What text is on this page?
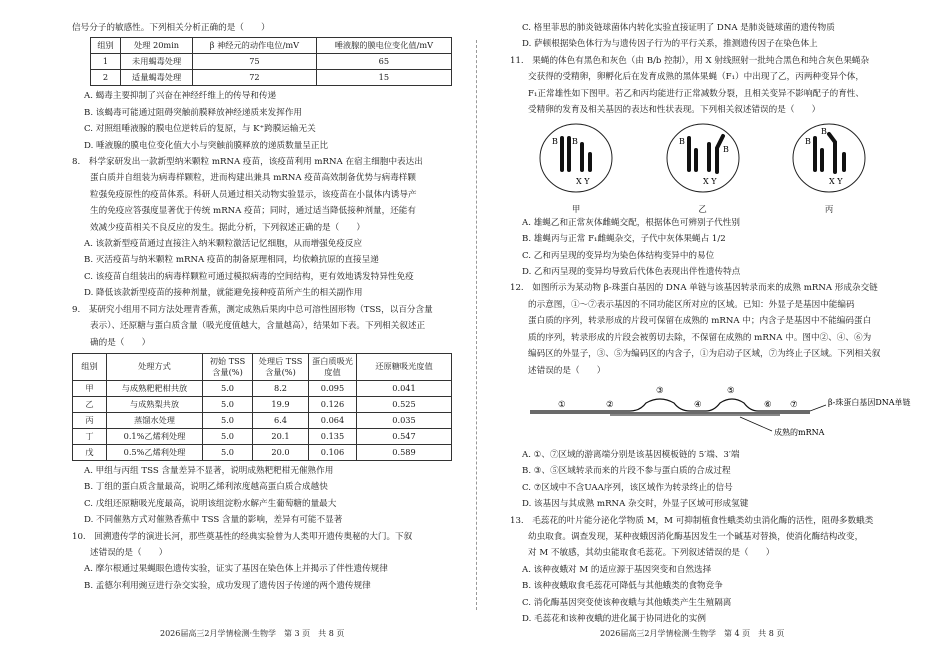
信号分子的敏感性。下列相关分析正确的是（　　）

组别	处理 20min	β 神经元的动作电位/mV	唾液腺的膜电位变化值/mV
1	未用蝎毒处理	75	65
2	适量蝎毒处理	72	15

A. 蝎毒主要抑制了兴奋在神经纤维上的传导和传递

B. 该蝎毒可能通过阻碍突触前膜释放神经递质来发挥作用

C. 对照组唾液腺的膜电位逆转后的复原，与 K⁺跨膜运输无关

D. 唾液腺的膜电位变化值大小与突触前膜释放的递质数量呈正比

8.　科学家研发出一款新型纳米颗粒 mRNA 疫苗，该疫苗利用 mRNA 在宿主细胞中表达出

蛋白质并自组装为病毒样颗粒，进而构建出兼具 mRNA 疫苗高效制备优势与病毒样颗

粒强免疫原性的疫苗体系。科研人员通过相关动物实验显示，该疫苗在小鼠体内诱导产

生的免疫应答强度显著优于传统 mRNA 疫苗；同时，通过适当降低接种剂量，还能有

效减少疫苗相关不良反应的发生。据此分析，下列叙述正确的是（　　）

A. 该款新型疫苗通过直接注入纳米颗粒激活记忆细胞，从而增强免疫反应

B. 灭活疫苗与纳米颗粒 mRNA 疫苗的制备原理相同，均依赖抗原的直接呈递

C. 该疫苗自组装出的病毒样颗粒可通过模拟病毒的空间结构，更有效地诱发特异性免疫

D. 降低该款新型疫苗的接种剂量，就能避免接种疫苗所产生的相关副作用

9.　某研究小组用不同方法处理青香蕉，测定成熟后果肉中总可溶性固形物（TSS，以百分含量

表示）、还原糖与蛋白质含量（吸光度值越大，含量越高），结果如下表。下列相关叙述正

确的是（　　）

组别	处理方式	初始 TSS 含量(%)	处理后 TSS 含量(%)	蛋白质吸光度值	还原糖吸光度值
甲	与成熟粑粑柑共放	5.0	8.2	0.095	0.041
乙	与成熟梨共放	5.0	19.9	0.126	0.525
丙	蒸馏水处理	5.0	6.4	0.064	0.035
丁	0.1%乙烯利处理	5.0	20.1	0.135	0.547
戊	0.5%乙烯利处理	5.0	20.0	0.106	0.589

A. 甲组与丙组 TSS 含量差异不显著，说明成熟粑粑柑无催熟作用

B. 丁组的蛋白质含量最高，说明乙烯利浓度越高蛋白质合成越快

C. 戊组还原糖吸光度最高，说明该组淀粉水解产生葡萄糖的量最大

D. 不同催熟方式对催熟香蕉中 TSS 含量的影响，差异有可能不显著

10.　回溯遗传学的演进长河，那些奠基性的经典实验曾为人类叩开遗传奥秘的大门。下叙

述错误的是（　　）

A. 摩尔根通过果蝇眼色遗传实验，证实了基因在染色体上并揭示了伴性遗传规律

B. 孟德尔利用豌豆进行杂交实验，成功发现了遗传因子传递的两个遗传规律

2026届高三2月学情检测·生物学　第 3 页　共 8 页

C. 格里菲思的肺炎链球菌体内转化实验直接证明了 DNA 是肺炎链球菌的遗传物质

D. 萨顿根据染色体行为与遗传因子行为的平行关系，推测遗传因子在染色体上

11.　果蝇的体色有黑色和灰色（由 B/b 控制），用 X 射线照射一批纯合黑色和纯合灰色果蝇杂

交获得的受精卵，卵孵化后在发育成熟的黑体果蝇（F₁）中出现了乙，丙两种变异个体，

F₁正常雄性如下图甲。若乙和丙均能进行正常减数分裂，且相关变异不影响配子的育性、

受精卵的发育及相关基因的表达和性状表现。下列相关叙述错误的是（　　）

B B
X Y
甲
B
B
X Y
乙
B
B
X Y
丙

A. 雄蝇乙和正常灰体雌蝇交配，根据体色可辨别子代性别

B. 雄蝇丙与正常 F₁雌蝇杂交，子代中灰体果蝇占 1/2

C. 乙和丙呈现的变异均为染色体结构变异中的易位

D. 乙和丙呈现的变异均导致后代体色表现出伴性遗传特点

12.　如图所示为某动物 β-珠蛋白基因的 DNA 单链与该基因转录而来的成熟 mRNA 形成杂交链

的示意图，①～⑦表示基因的不同功能区所对应的区域。已知：外显子是基因中能编码

蛋白质的序列，转录形成的片段可保留在成熟的 mRNA 中；内含子是基因中不能编码蛋白

质的序列，转录形成的片段会被剪切去除，不保留在成熟的 mRNA 中。图中②、④、⑥为

编码区的外显子，③、⑤为编码区的内含子，①为启动子区域，⑦为终止子区域。下列相关叙

述错误的是（　　）

①	②
③
④
⑤
⑥ ⑦	β-珠蛋白基因DNA单链
成熟的mRNA

A. ①、⑦区域的游离端分别是该基因模板链的 5′端、3′端

B. ③、⑤区域转录而来的片段不参与蛋白质的合成过程

C. ⑦区域中不含UAA序列，该区域作为转录终止的信号

D. 该基因与其成熟 mRNA 杂交时，外显子区域可形成氢键

13.　毛蕊花的叶片能分泌化学物质 M，M 可抑制植食性蛾类幼虫消化酶的活性，阻碍多数蛾类

幼虫取食。调查发现，某种夜蛾因消化酶基因发生一个碱基对替换，使消化酶结构改变，

对 M 不敏感，其幼虫能取食毛蕊花。下列叙述错误的是（　　）

A. 该种夜蛾对 M 的适应源于基因突变和自然选择

B. 该种夜蛾取食毛蕊花可降低与其他蛾类的食物竞争

C. 消化酶基因突变使该种夜蛾与其他蛾类产生生殖隔离

D. 毛蕊花和该种夜蛾的进化属于协同进化的实例

2026届高三2月学情检测·生物学　第 4 页　共 8 页
